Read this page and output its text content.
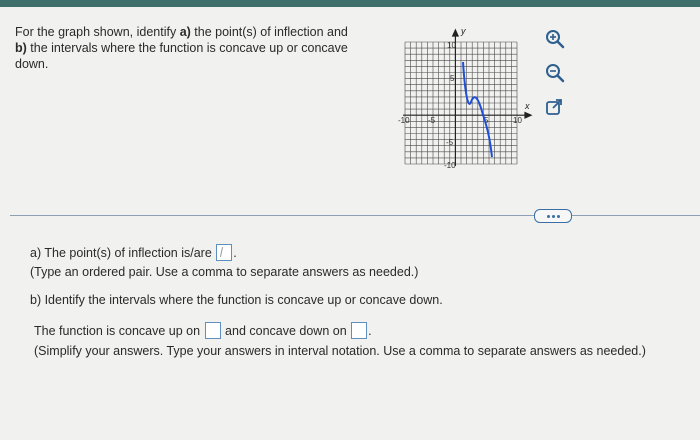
For the graph shown, identify a) the point(s) of inflection and
b) the intervals where the function is concave up or concave
down.

y
x
10
5
-5
-10
-10 -5	5	10
a) The point(s) of inflection is/are .
(Type an ordered pair. Use a comma to separate answers as needed.)
b) Identify the intervals where the function is concave up or concave down.
The function is concave up on and concave down on .
(Simplify your answers. Type your answers in interval notation. Use a comma to separate answers as needed.)
